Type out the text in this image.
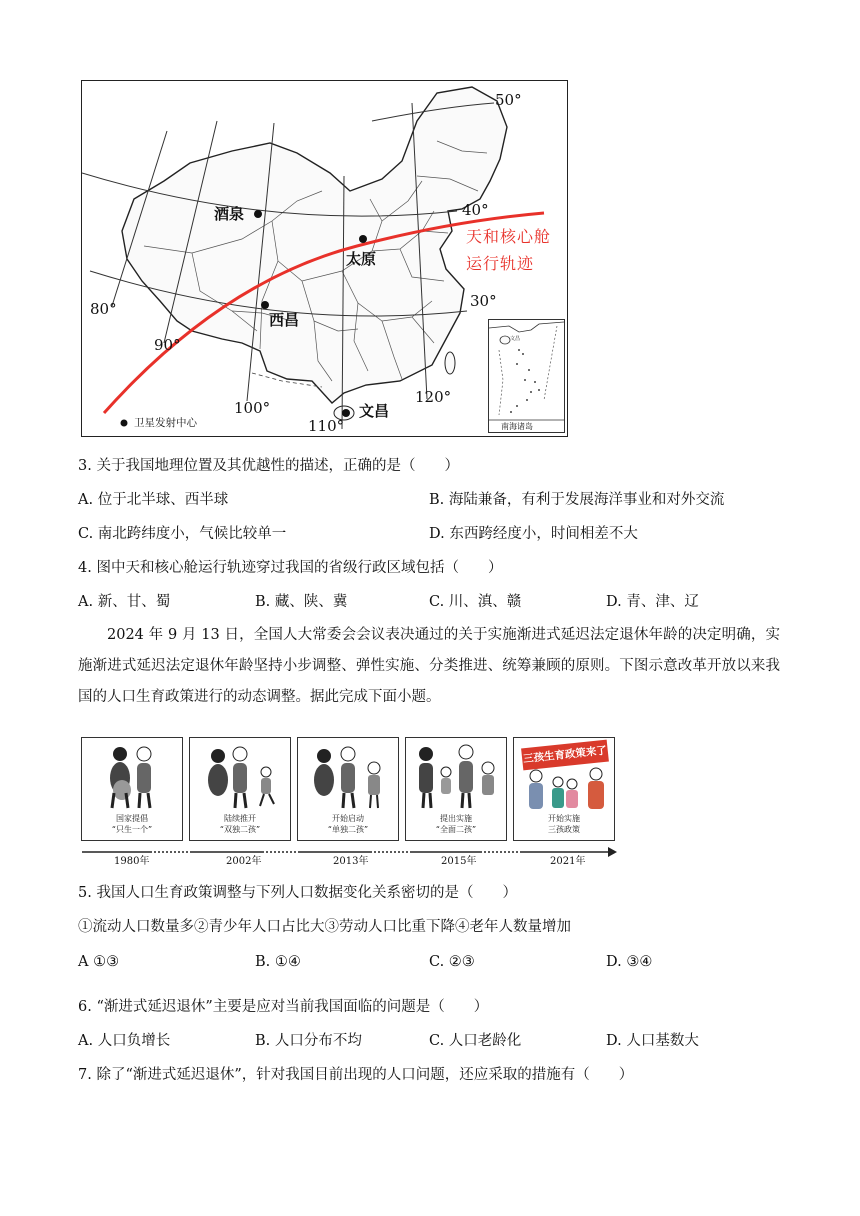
酒泉
太原
西昌
文昌
50°
40°
30°
80°
90°
100°
110°
120°
天和核心舱
运行轨迹
卫星发射中心
文昌
南海诸岛
3. 关于我国地理位置及其优越性的描述，正确的是（　　）
A. 位于北半球、西半球	B. 海陆兼备，有利于发展海洋事业和对外交流
C. 南北跨纬度小，气候比较单一	D. 东西跨经度小，时间相差不大
4. 图中天和核心舱运行轨迹穿过我国的省级行政区域包括（　　）
A. 新、甘、蜀	B. 藏、陕、冀	C. 川、滇、赣	D. 青、津、辽
2024 年 9 月 13 日，全国人大常委会会议表决通过的关于实施渐进式延迟法定退休年龄的决定明确，实施渐进式延迟法定退休年龄坚持小步调整、弹性实施、分类推进、统筹兼顾的原则。下图示意改革开放以来我国的人口生育政策进行的动态调整。据此完成下面小题。
国家提倡
“只生一个”
陆续推开
“双独二孩”
开始启动
“单独二孩”
提出实施
“全面二孩”
三孩生育政策来了
开始实施
三孩政策
1980年	2002年	2013年	2015年	2021年
5. 我国人口生育政策调整与下列人口数据变化关系密切的是（　　）
①流动人口数量多②青少年人口占比大③劳动人口比重下降④老年人数量增加
A ①③	B. ①④	C. ②③	D. ③④
6. “渐进式延迟退休”主要是应对当前我国面临的问题是（　　）
A. 人口负增长	B. 人口分布不均	C. 人口老龄化	D. 人口基数大
7. 除了“渐进式延迟退休”，针对我国目前出现的人口问题，还应采取的措施有（　　）
